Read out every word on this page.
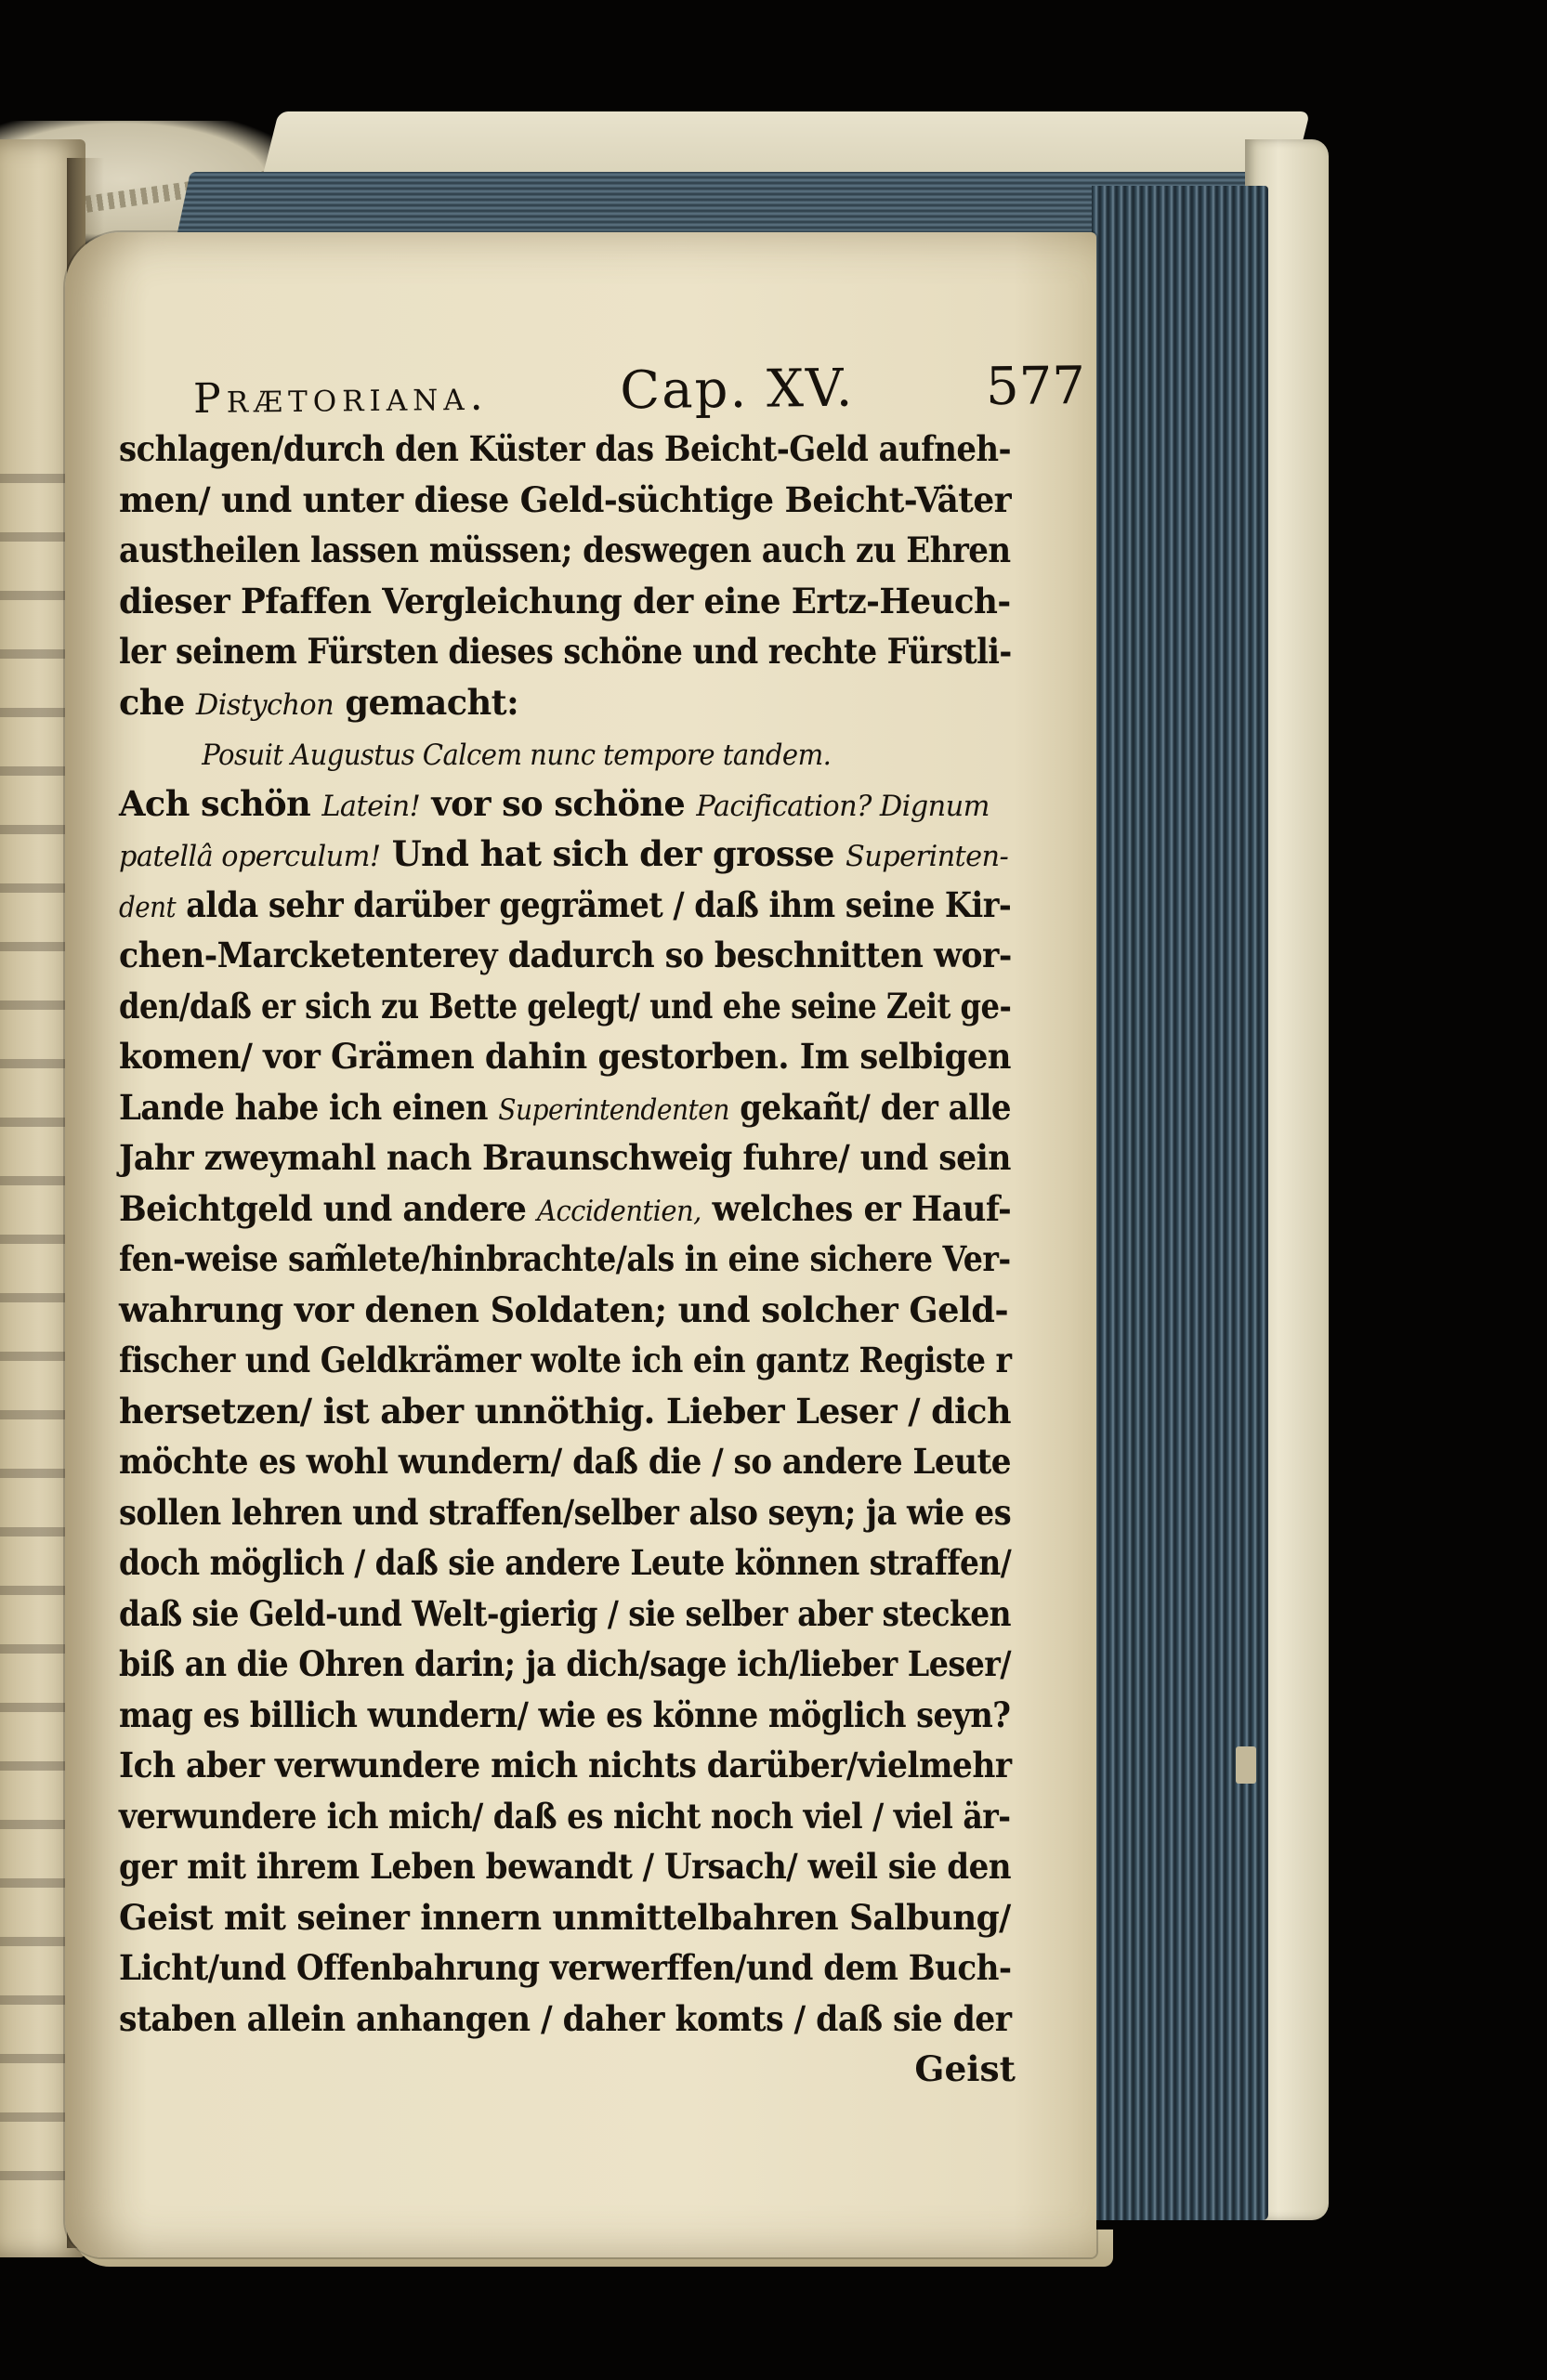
Prætoriana.	Cap. XV.	577
schlagen/durch den Küster das Beicht-Geld aufneh-
men/ und unter diese Geld-süchtige Beicht-Väter
austheilen lassen müssen; deswegen auch zu Ehren
dieser Pfaffen Vergleichung der eine Ertz-Heuch-
ler seinem Fürsten dieses schöne und rechte Fürstli-
che Distychon gemacht:
Posuit Augustus Calcem nunc tempore tandem.
Ach schön Latein! vor so schöne Pacification? Dignum
patellâ operculum! Und hat sich der grosse Superinten-
dent alda sehr darüber gegrämet / daß ihm seine Kir-
chen-Marcketenterey dadurch so beschnitten wor-
den/daß er sich zu Bette gelegt/ und ehe seine Zeit ge-
komen/ vor Grämen dahin gestorben. Im selbigen
Lande habe ich einen Superintendenten gekañt/ der alle
Jahr zweymahl nach Braunschweig fuhre/ und sein
Beichtgeld und andere Accidentien, welches er Hauf-
fen-weise sam̃lete/hinbrachte/als in eine sichere Ver-
wahrung vor denen Soldaten; und solcher Geld-
fischer und Geldkrämer wolte ich ein gantz Registe r
hersetzen/ ist aber unnöthig. Lieber Leser / dich
möchte es wohl wundern/ daß die / so andere Leute
sollen lehren und straffen/selber also seyn; ja wie es
doch möglich / daß sie andere Leute können straffen/
daß sie Geld-und Welt-gierig / sie selber aber stecken
biß an die Ohren darin; ja dich/sage ich/lieber Leser/
mag es billich wundern/ wie es könne möglich seyn?
Ich aber verwundere mich nichts darüber/vielmehr
verwundere ich mich/ daß es nicht noch viel / viel är-
ger mit ihrem Leben bewandt / Ursach/ weil sie den
Geist mit seiner innern unmittelbahren Salbung/
Licht/und Offenbahrung verwerffen/und dem Buch-
staben allein anhangen / daher komts / daß sie der
Geist
